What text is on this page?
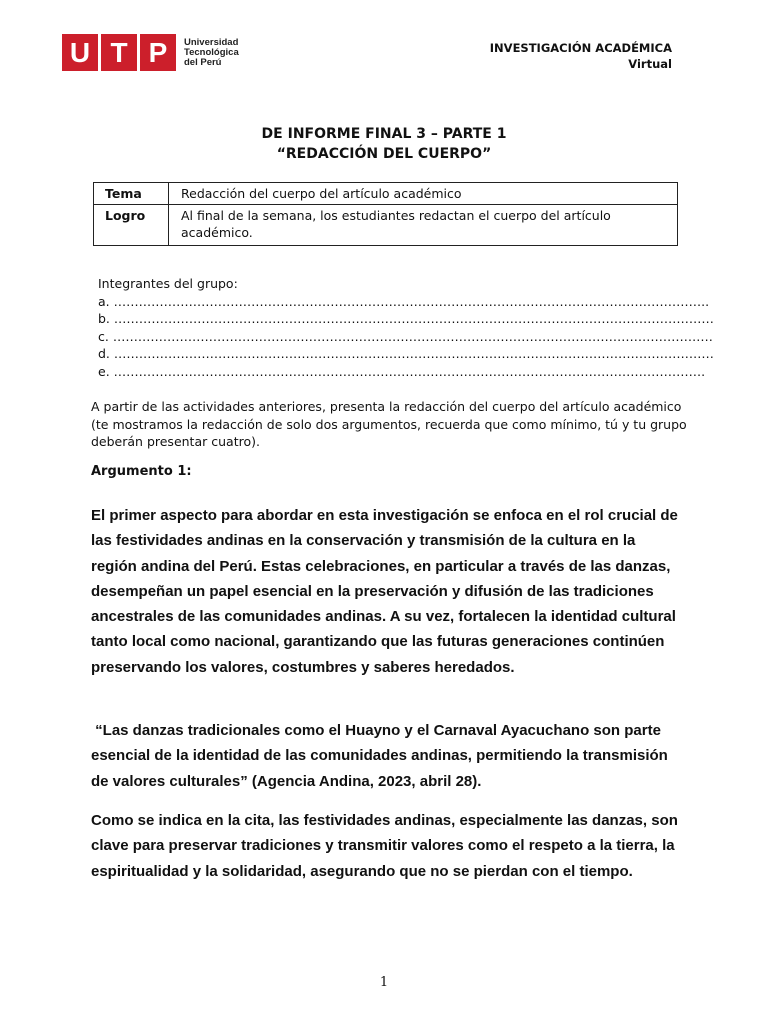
U T P	Universidad
Tecnológica
del Perú
INVESTIGACIÓN ACADÉMICA
Virtual
DE INFORME FINAL 3 – PARTE 1
“REDACCIÓN DEL CUERPO”
Tema	Redacción del cuerpo del artículo académico
Logro	Al final de la semana, los estudiantes redactan el cuerpo del artículo académico.
Integrantes del grupo:
a. ……………………………………………………………………………………………………………………………..
b. ………………………………………………………………………………………………………………………………
c. ………………………………………………………………………………………………………………………………
d. ………………………………………………………………………………………………………………………………
e. …………………………………………………………………………………………………………………………….
A partir de las actividades anteriores, presenta la redacción del cuerpo del artículo académico (te mostramos la redacción de solo dos argumentos, recuerda que como mínimo, tú y tu grupo deberán presentar cuatro).
Argumento 1:
El primer aspecto para abordar en esta investigación se enfoca en el rol crucial de las festividades andinas en la conservación y transmisión de la cultura en la región andina del Perú. Estas celebraciones, en particular a través de las danzas, desempeñan un papel esencial en la preservación y difusión de las tradiciones ancestrales de las comunidades andinas. A su vez, fortalecen la identidad cultural tanto local como nacional, garantizando que las futuras generaciones continúen preservando los valores, costumbres y saberes heredados.
“Las danzas tradicionales como el Huayno y el Carnaval Ayacuchano son parte esencial de la identidad de las comunidades andinas, permitiendo la transmisión de valores culturales” (Agencia Andina, 2023, abril 28).
Como se indica en la cita, las festividades andinas, especialmente las danzas, son clave para preservar tradiciones y transmitir valores como el respeto a la tierra, la espiritualidad y la solidaridad, asegurando que no se pierdan con el tiempo.
1
